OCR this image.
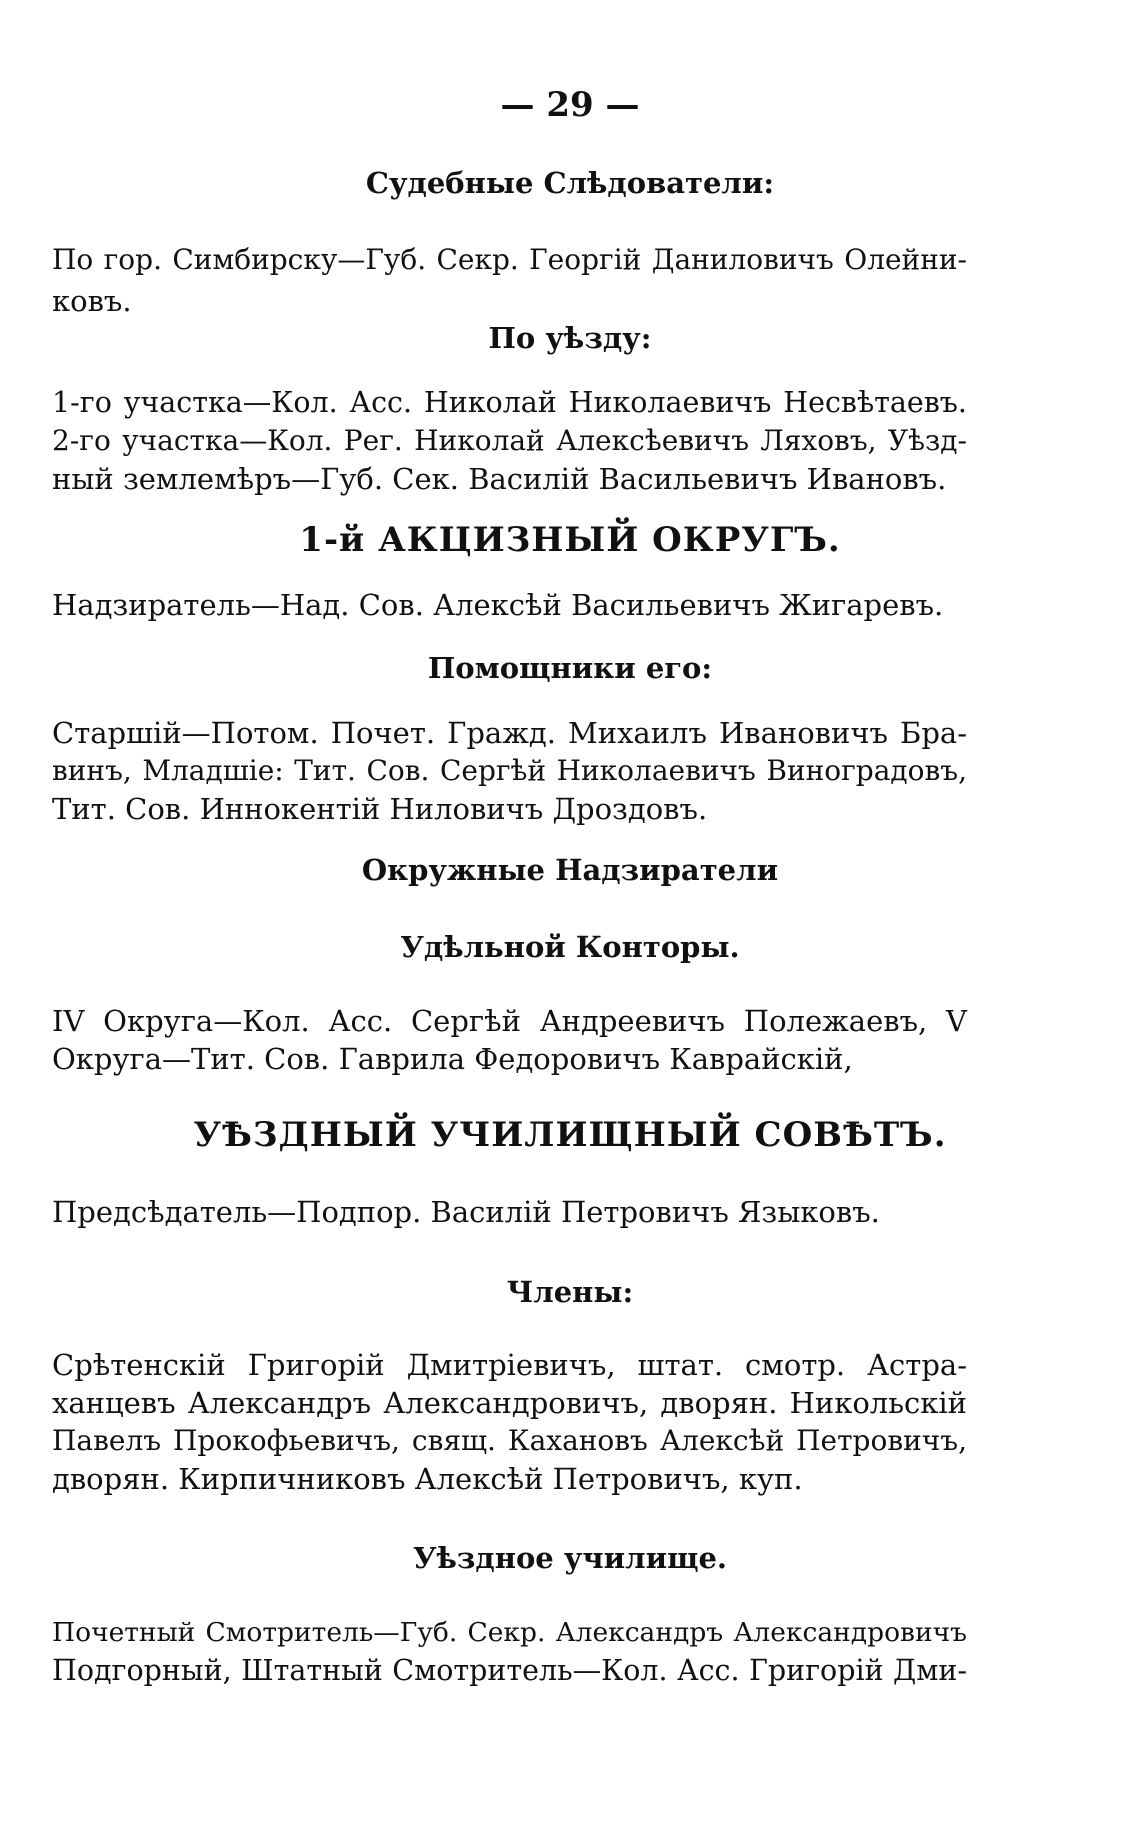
— 29 —
Судебные Слѣдователи:
По гор. Симбирску—Губ. Секр. Георгій Даниловичъ Олейни-
ковъ.
По уѣзду:
1-го участка—Кол. Асс. Николай Николаевичъ Несвѣтаевъ.
2-го участка—Кол. Рег. Николай Алексѣевичъ Ляховъ, Уѣзд-
ный землемѣръ—Губ. Сек. Василій Васильевичъ Ивановъ.
1-й АКЦИЗНЫЙ ОКРУГЪ.
Надзиратель—Над. Сов. Алексѣй Васильевичъ Жигаревъ.
Помощники его:
Старшій—Потом. Почет. Гражд. Михаилъ Ивановичъ Бра-
винъ, Младшіе: Тит. Сов. Сергѣй Николаевичъ Виноградовъ,
Тит. Сов. Иннокентій Ниловичъ Дроздовъ.
Окружные Надзиратели
Удѣльной Конторы.
IV Округа—Кол. Асс. Сергѣй Андреевичъ Полежаевъ, V
Округа—Тит. Сов. Гаврила Федоровичъ Каврайскій,
УѢЗДНЫЙ УЧИЛИЩНЫЙ СОВѢТЪ.
Предсѣдатель—Подпор. Василій Петровичъ Языковъ.
Члены:
Срѣтенскій Григорій Дмитріевичъ, штат. смотр. Астра-
ханцевъ Александръ Александровичъ, дворян. Никольскій
Павелъ Прокофьевичъ, свящ. Кахановъ Алексѣй Петровичъ,
дворян. Кирпичниковъ Алексѣй Петровичъ, куп.
Уѣздное училище.
Почетный Смотритель—Губ. Секр. Александръ Александровичъ
Подгорный, Штатный Смотритель—Кол. Асс. Григорій Дми-
